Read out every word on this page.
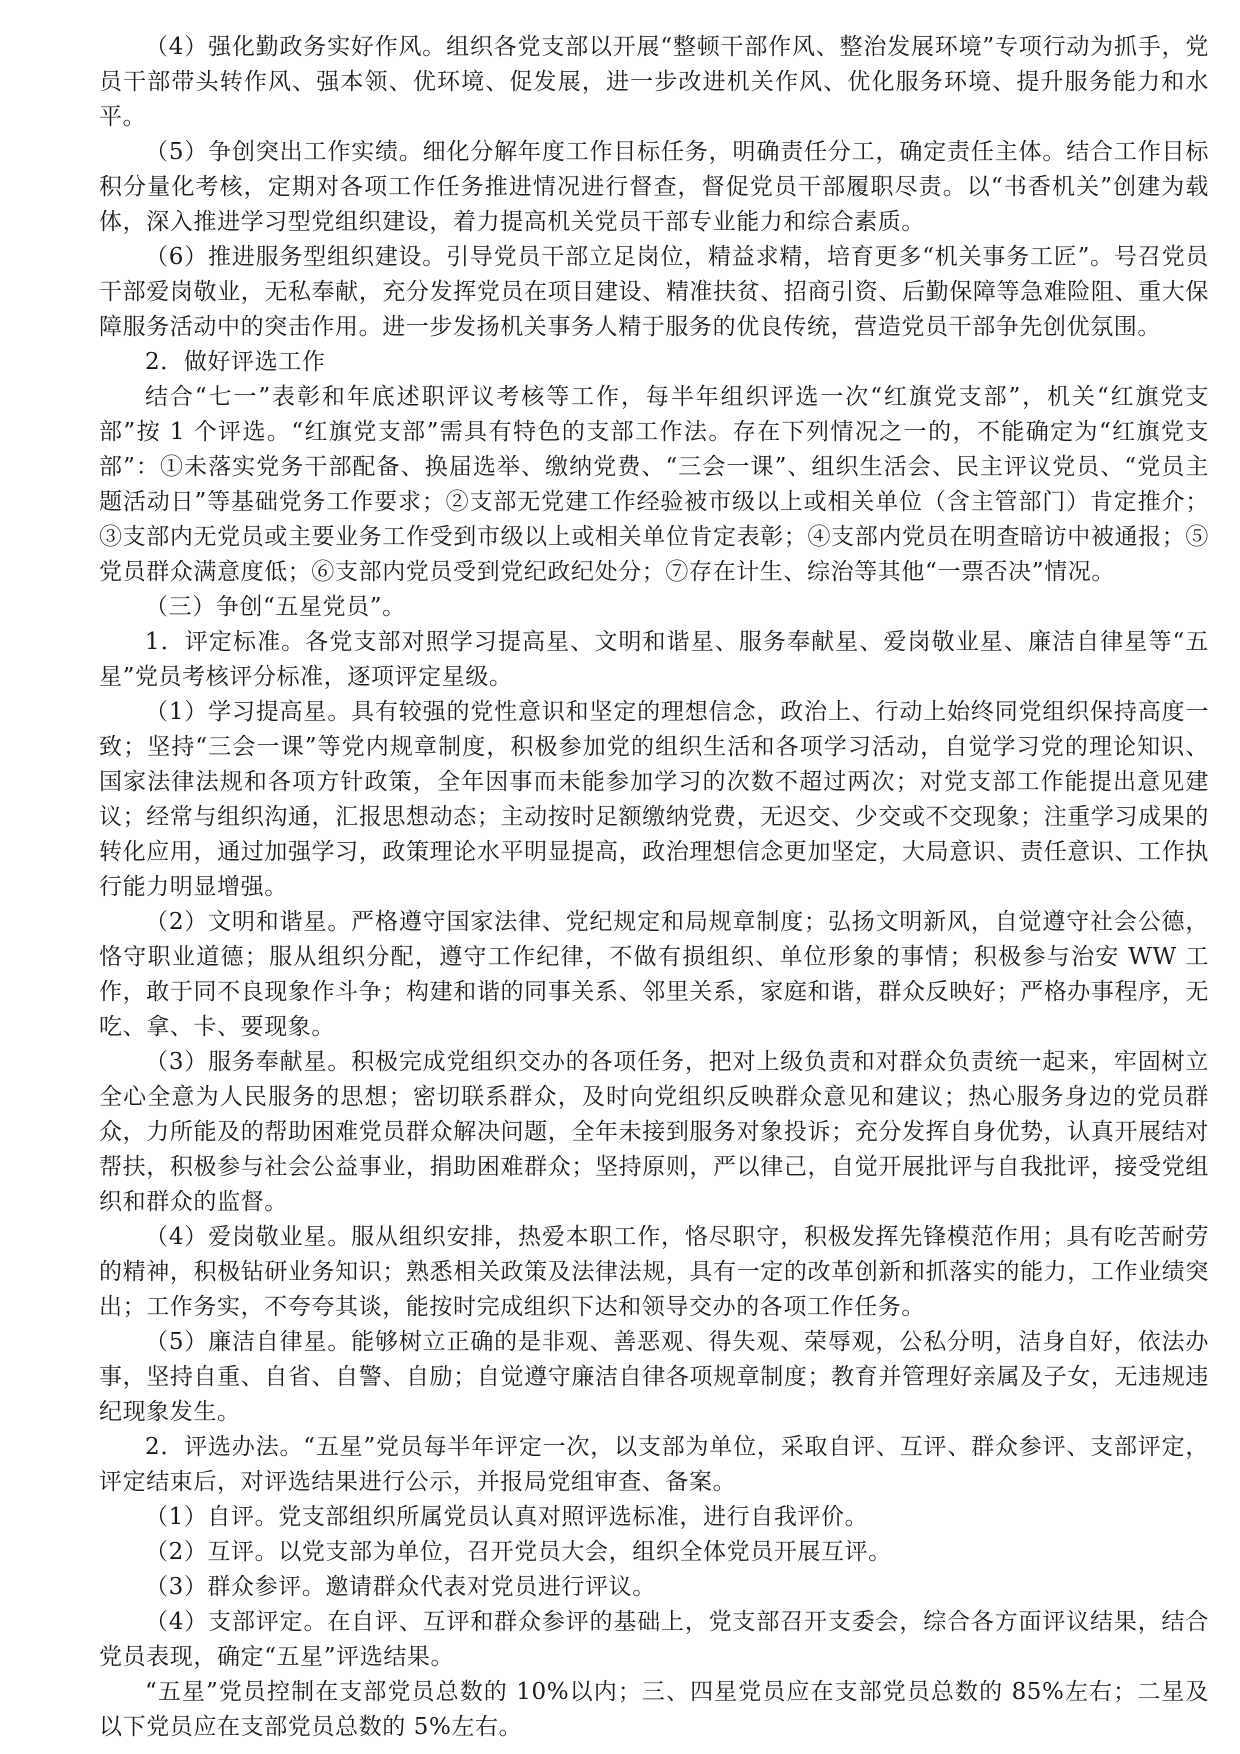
（4）强化勤政务实好作风。组织各党支部以开展“整顿干部作风、整治发展环境”专项行动为抓手，党员干部带头转作风、强本领、优环境、促发展，进一步改进机关作风、优化服务环境、提升服务能力和水平。

（5）争创突出工作实绩。细化分解年度工作目标任务，明确责任分工，确定责任主体。结合工作目标积分量化考核，定期对各项工作任务推进情况进行督查，督促党员干部履职尽责。以“书香机关”创建为载体，深入推进学习型党组织建设，着力提高机关党员干部专业能力和综合素质。

（6）推进服务型组织建设。引导党员干部立足岗位，精益求精，培育更多“机关事务工匠”。号召党员干部爱岗敬业，无私奉献，充分发挥党员在项目建设、精准扶贫、招商引资、后勤保障等急难险阻、重大保障服务活动中的突击作用。进一步发扬机关事务人精于服务的优良传统，营造党员干部争先创优氛围。

2．做好评选工作

结合“七一”表彰和年底述职评议考核等工作，每半年组织评选一次“红旗党支部”，机关“红旗党支部”按 1 个评选。“红旗党支部”需具有特色的支部工作法。存在下列情况之一的，不能确定为“红旗党支部”：①未落实党务干部配备、换届选举、缴纳党费、“三会一课”、组织生活会、民主评议党员、“党员主题活动日”等基础党务工作要求；②支部无党建工作经验被市级以上或相关单位（含主管部门）肯定推介；③支部内无党员或主要业务工作受到市级以上或相关单位肯定表彰；④支部内党员在明查暗访中被通报；⑤党员群众满意度低；⑥支部内党员受到党纪政纪处分；⑦存在计生、综治等其他“一票否决”情况。

（三）争创“五星党员”。

1．评定标准。各党支部对照学习提高星、文明和谐星、服务奉献星、爱岗敬业星、廉洁自律星等“五星”党员考核评分标准，逐项评定星级。

（1）学习提高星。具有较强的党性意识和坚定的理想信念，政治上、行动上始终同党组织保持高度一致；坚持“三会一课”等党内规章制度，积极参加党的组织生活和各项学习活动，自觉学习党的理论知识、国家法律法规和各项方针政策，全年因事而未能参加学习的次数不超过两次；对党支部工作能提出意见建议；经常与组织沟通，汇报思想动态；主动按时足额缴纳党费，无迟交、少交或不交现象；注重学习成果的转化应用，通过加强学习，政策理论水平明显提高，政治理想信念更加坚定，大局意识、责任意识、工作执行能力明显增强。

（2）文明和谐星。严格遵守国家法律、党纪规定和局规章制度；弘扬文明新风，自觉遵守社会公德，恪守职业道德；服从组织分配，遵守工作纪律，不做有损组织、单位形象的事情；积极参与治安 WW 工作，敢于同不良现象作斗争；构建和谐的同事关系、邻里关系，家庭和谐，群众反映好；严格办事程序，无吃、拿、卡、要现象。

（3）服务奉献星。积极完成党组织交办的各项任务，把对上级负责和对群众负责统一起来，牢固树立全心全意为人民服务的思想；密切联系群众，及时向党组织反映群众意见和建议；热心服务身边的党员群众，力所能及的帮助困难党员群众解决问题，全年未接到服务对象投诉；充分发挥自身优势，认真开展结对帮扶，积极参与社会公益事业，捐助困难群众；坚持原则，严以律己，自觉开展批评与自我批评，接受党组织和群众的监督。

（4）爱岗敬业星。服从组织安排，热爱本职工作，恪尽职守，积极发挥先锋模范作用；具有吃苦耐劳的精神，积极钻研业务知识；熟悉相关政策及法律法规，具有一定的改革创新和抓落实的能力，工作业绩突出；工作务实，不夸夸其谈，能按时完成组织下达和领导交办的各项工作任务。

（5）廉洁自律星。能够树立正确的是非观、善恶观、得失观、荣辱观，公私分明，洁身自好，依法办事，坚持自重、自省、自警、自励；自觉遵守廉洁自律各项规章制度；教育并管理好亲属及子女，无违规违纪现象发生。

2．评选办法。“五星”党员每半年评定一次，以支部为单位，采取自评、互评、群众参评、支部评定，评定结束后，对评选结果进行公示，并报局党组审查、备案。

（1）自评。党支部组织所属党员认真对照评选标准，进行自我评价。

（2）互评。以党支部为单位，召开党员大会，组织全体党员开展互评。

（3）群众参评。邀请群众代表对党员进行评议。

（4）支部评定。在自评、互评和群众参评的基础上，党支部召开支委会，综合各方面评议结果，结合党员表现，确定“五星”评选结果。

“五星”党员控制在支部党员总数的 10%以内；三、四星党员应在支部党员总数的 85%左右；二星及以下党员应在支部党员总数的 5%左右。
